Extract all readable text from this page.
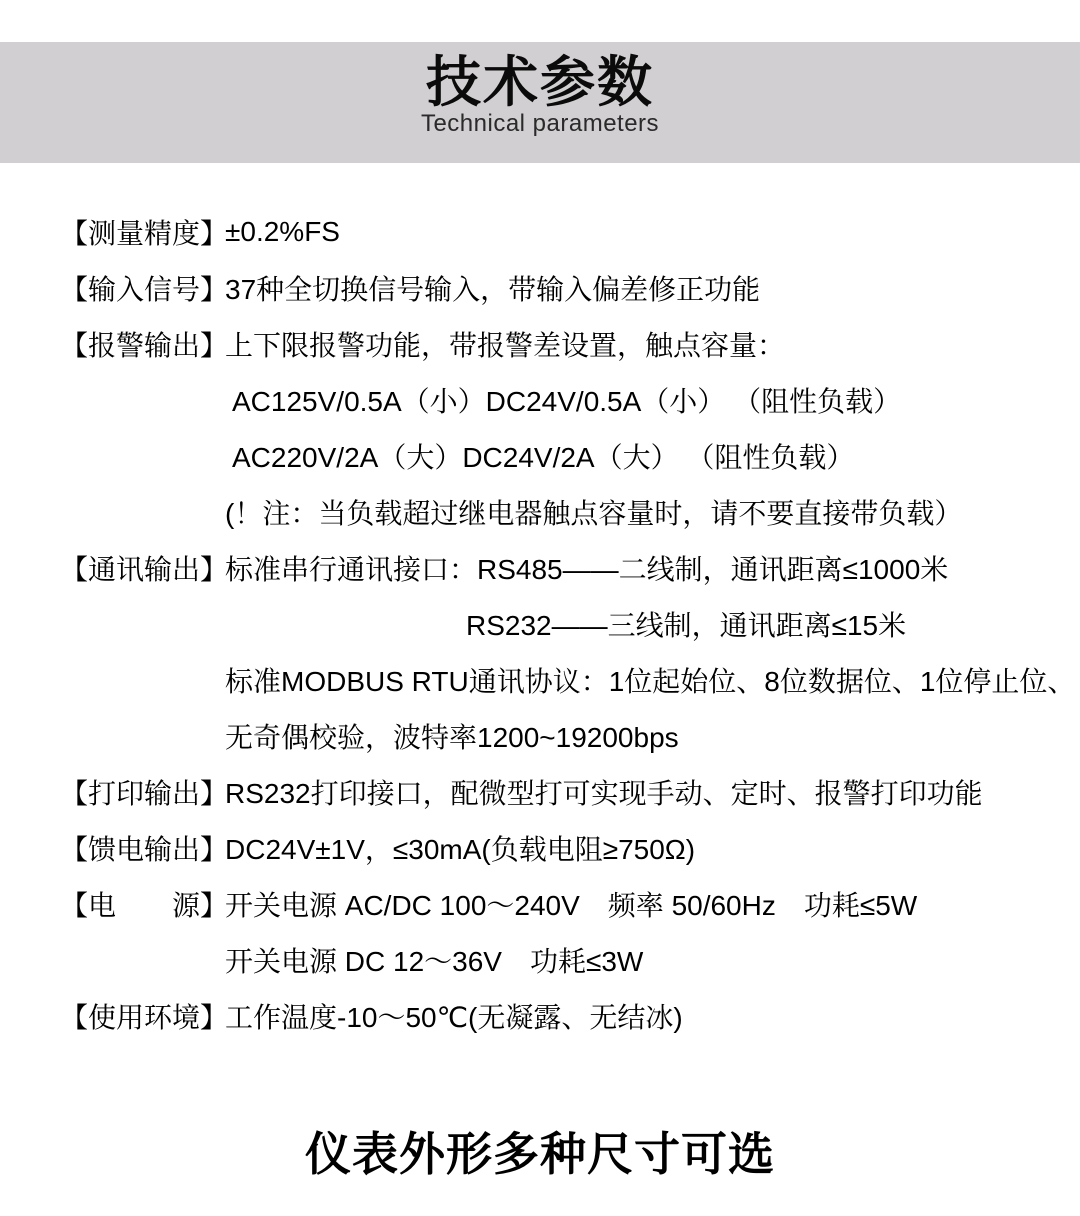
技术参数
Technical parameters
【测量精度】
±0.2%FS
【输入信号】
37种全切换信号输入，带输入偏差修正功能
【报警输出】
上下限报警功能，带报警差设置，触点容量：
AC125V/0.5A（小）DC24V/0.5A（小） （阻性负载）
AC220V/2A（大）DC24V/2A（大） （阻性负载）
(！注：当负载超过继电器触点容量时，请不要直接带负载）
【通讯输出】
标准串行通讯接口：RS485——二线制，通讯距离≤1000米
RS232——三线制，通讯距离≤15米
标准MODBUS RTU通讯协议：1位起始位、8位数据位、1位停止位、
无奇偶校验，波特率1200~19200bps
【打印输出】
RS232打印接口，配微型打可实现手动、定时、报警打印功能
【馈电输出】
DC24V±1V，≤30mA(负载电阻≥750Ω)
【电　　源】
开关电源 AC/DC 100～240V　频率 50/60Hz　功耗≤5W
开关电源 DC 12～36V　功耗≤3W
【使用环境】
工作温度-10～50℃(无凝露、无结冰)
仪表外形多种尺寸可选
